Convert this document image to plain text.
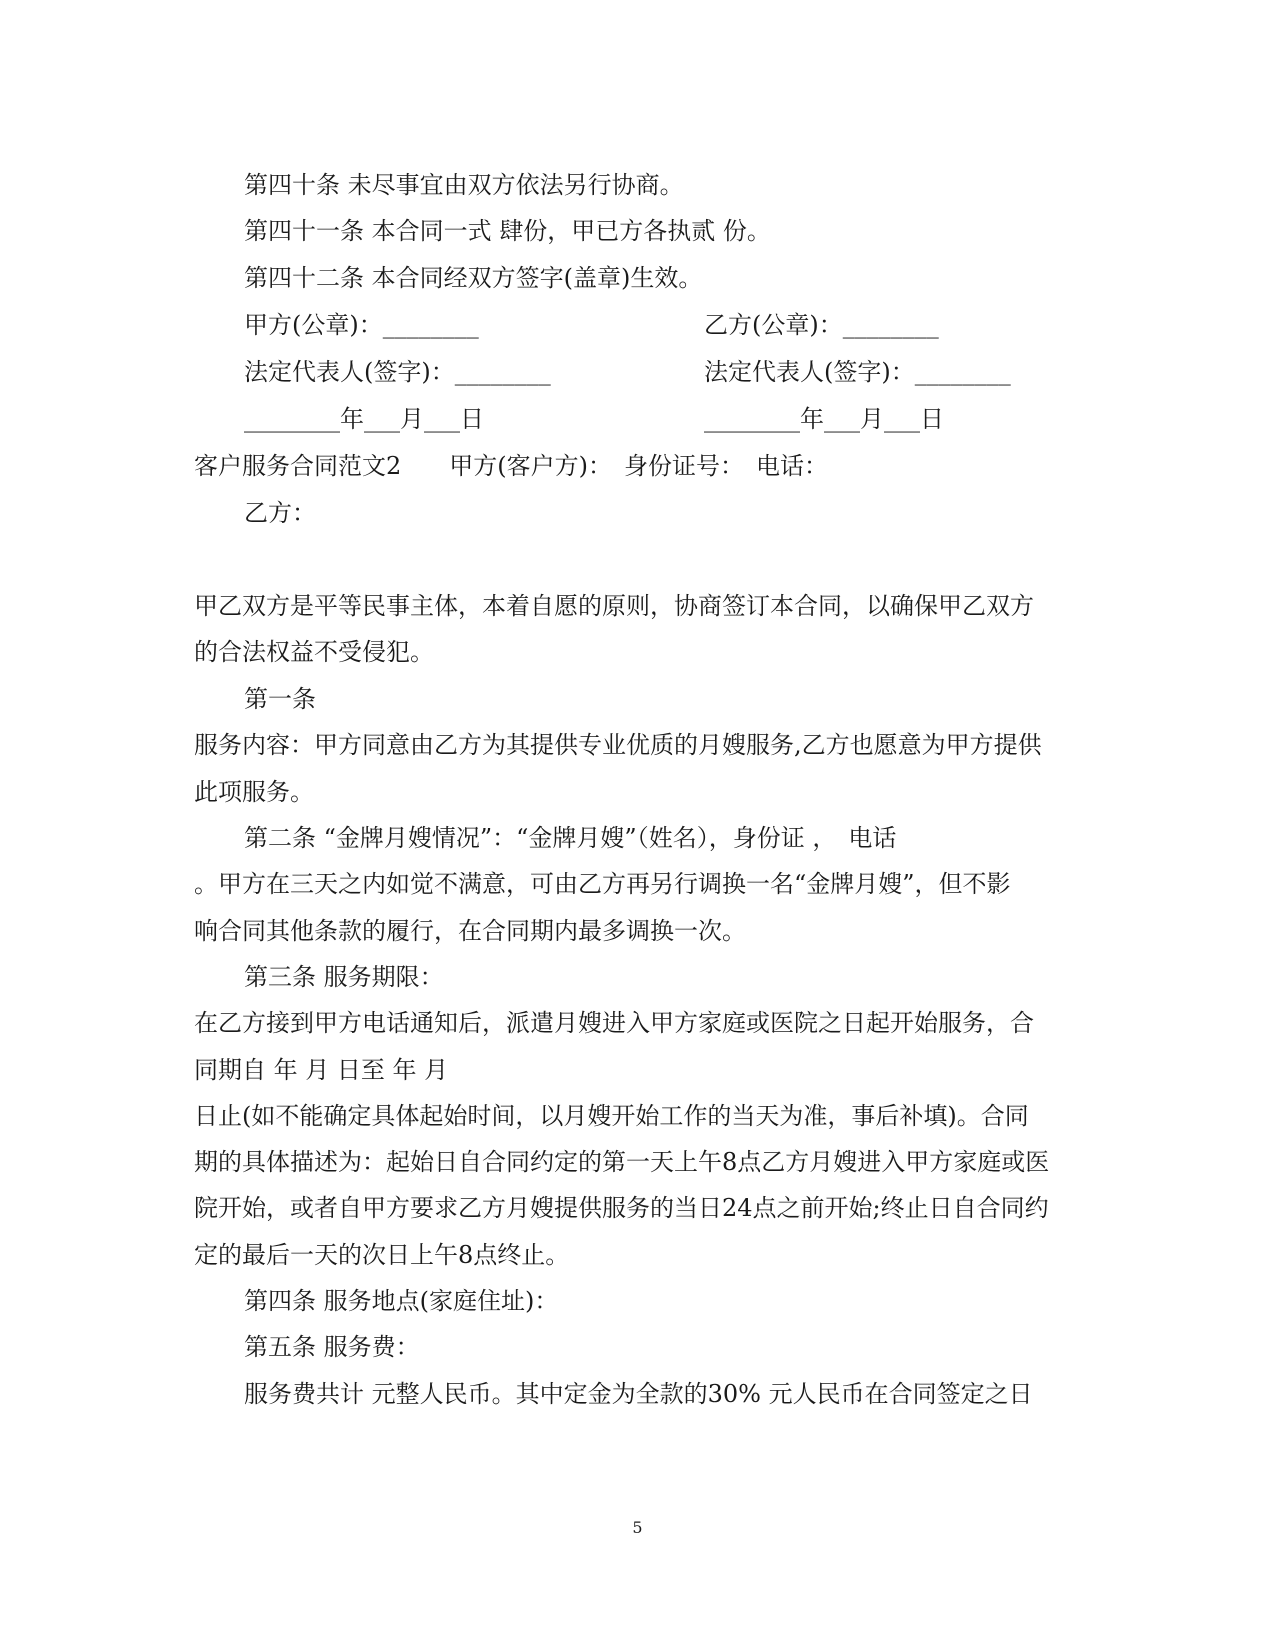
第四十条 未尽事宜由双方依法另行协商。

第四十一条 本合同一式 肆份，甲已方各执贰 份。

第四十二条 本合同经双方签字(盖章)生效。

甲方(公章)：________	乙方(公章)：________

法定代表人(签字)：________	法定代表人(签字)：________

________年___月___日	________年___月___日

客户服务合同范文2　　甲方(客户方)：　身份证号：　电话：

乙方：

甲乙双方是平等民事主体，本着自愿的原则，协商签订本合同，以确保甲乙双方

的合法权益不受侵犯。

第一条

服务内容：甲方同意由乙方为其提供专业优质的月嫂服务,乙方也愿意为甲方提供

此项服务。

第二条 “金牌月嫂情况”：“金牌月嫂”（姓名），身份证 ，　电话

。甲方在三天之内如觉不满意，可由乙方再另行调换一名“金牌月嫂”，但不影

响合同其他条款的履行，在合同期内最多调换一次。

第三条 服务期限：

在乙方接到甲方电话通知后，派遣月嫂进入甲方家庭或医院之日起开始服务，合

同期自 年 月 日至 年 月

日止(如不能确定具体起始时间，以月嫂开始工作的当天为准，事后补填)。合同

期的具体描述为：起始日自合同约定的第一天上午8点乙方月嫂进入甲方家庭或医

院开始，或者自甲方要求乙方月嫂提供服务的当日24点之前开始;终止日自合同约

定的最后一天的次日上午8点终止。

第四条 服务地点(家庭住址)：

第五条 服务费：

服务费共计 元整人民币。其中定金为全款的30% 元人民币在合同签定之日

5
